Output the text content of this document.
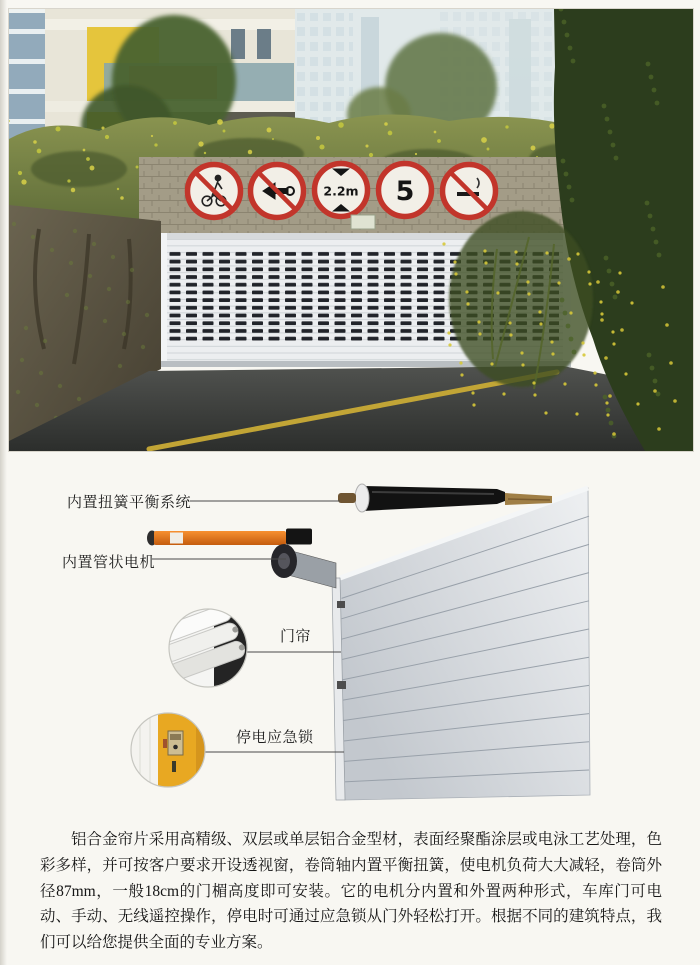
2.2m 5
内置扭簧平衡系统
内置管状电机
门帘
停电应急锁
铝合金帘片采用高精级、双层或单层铝合金型材，表面经聚酯涂层或电泳工艺处理，色彩多样，并可按客户要求开设透视窗，卷筒轴内置平衡扭簧，使电机负荷大大减轻，卷筒外径87mm，一般18cm的门楣高度即可安装。它的电机分内置和外置两种形式，车库门可电动、手动、无线遥控操作，停电时可通过应急锁从门外轻松打开。根据不同的建筑特点，我们可以给您提供全面的专业方案。
